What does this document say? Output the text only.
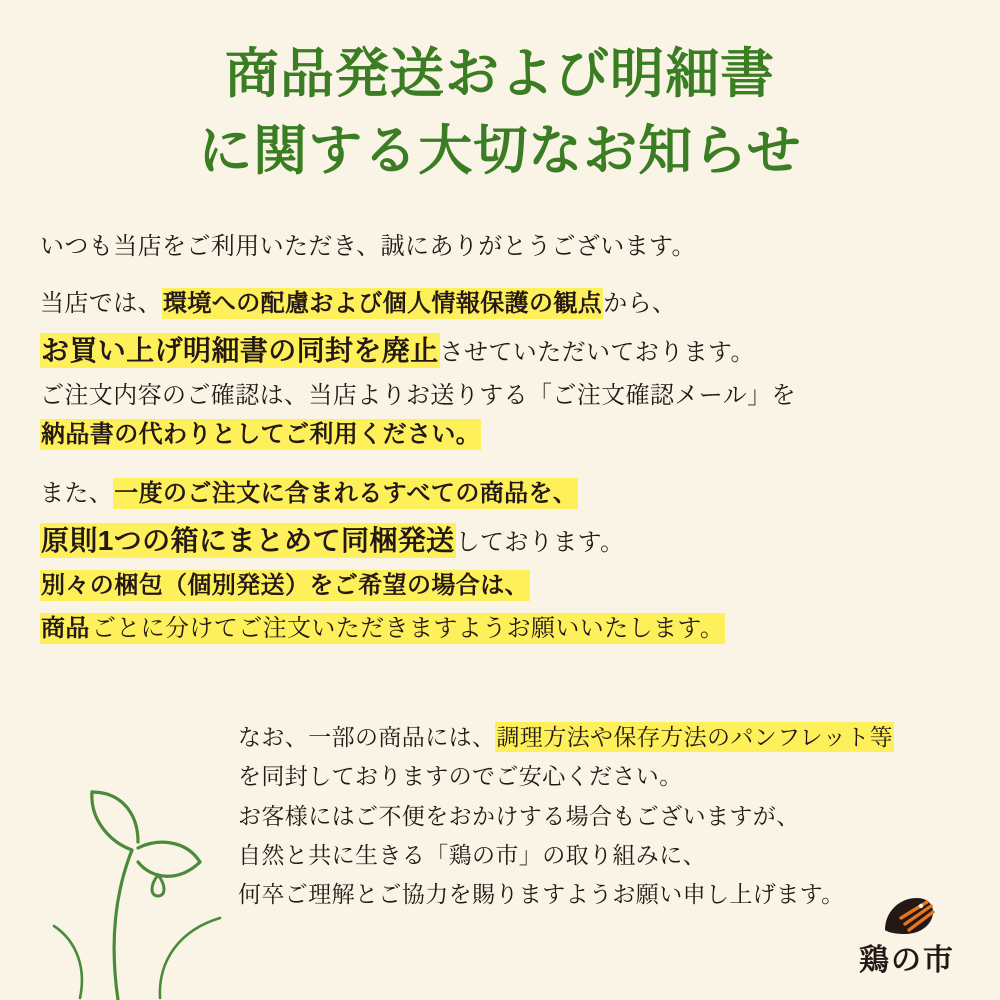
商品発送および明細書
に関する大切なお知らせ

いつも当店をご利用いただき、誠にありがとうございます。

当店では、環境への配慮および個人情報保護の観点から、

お買い上げ明細書の同封を廃止させていただいております。

ご注文内容のご確認は、当店よりお送りする「ご注文確認メール」を
納品書の代わりとしてご利用ください。

また、一度のご注文に含まれるすべての商品を、

原則1つの箱にまとめて同梱発送しております。

別々の梱包（個別発送）をご希望の場合は、

商品ごとに分けてご注文いただきますようお願いいたします。

なお、一部の商品には、調理方法や保存方法のパンフレット等
を同封しておりますのでご安心ください。

お客様にはご不便をおかけする場合もございますが、
自然と共に生きる「鶏の市」の取り組みに、
何卒ご理解とご協力を賜りますようお願い申し上げます。

鶏の市
